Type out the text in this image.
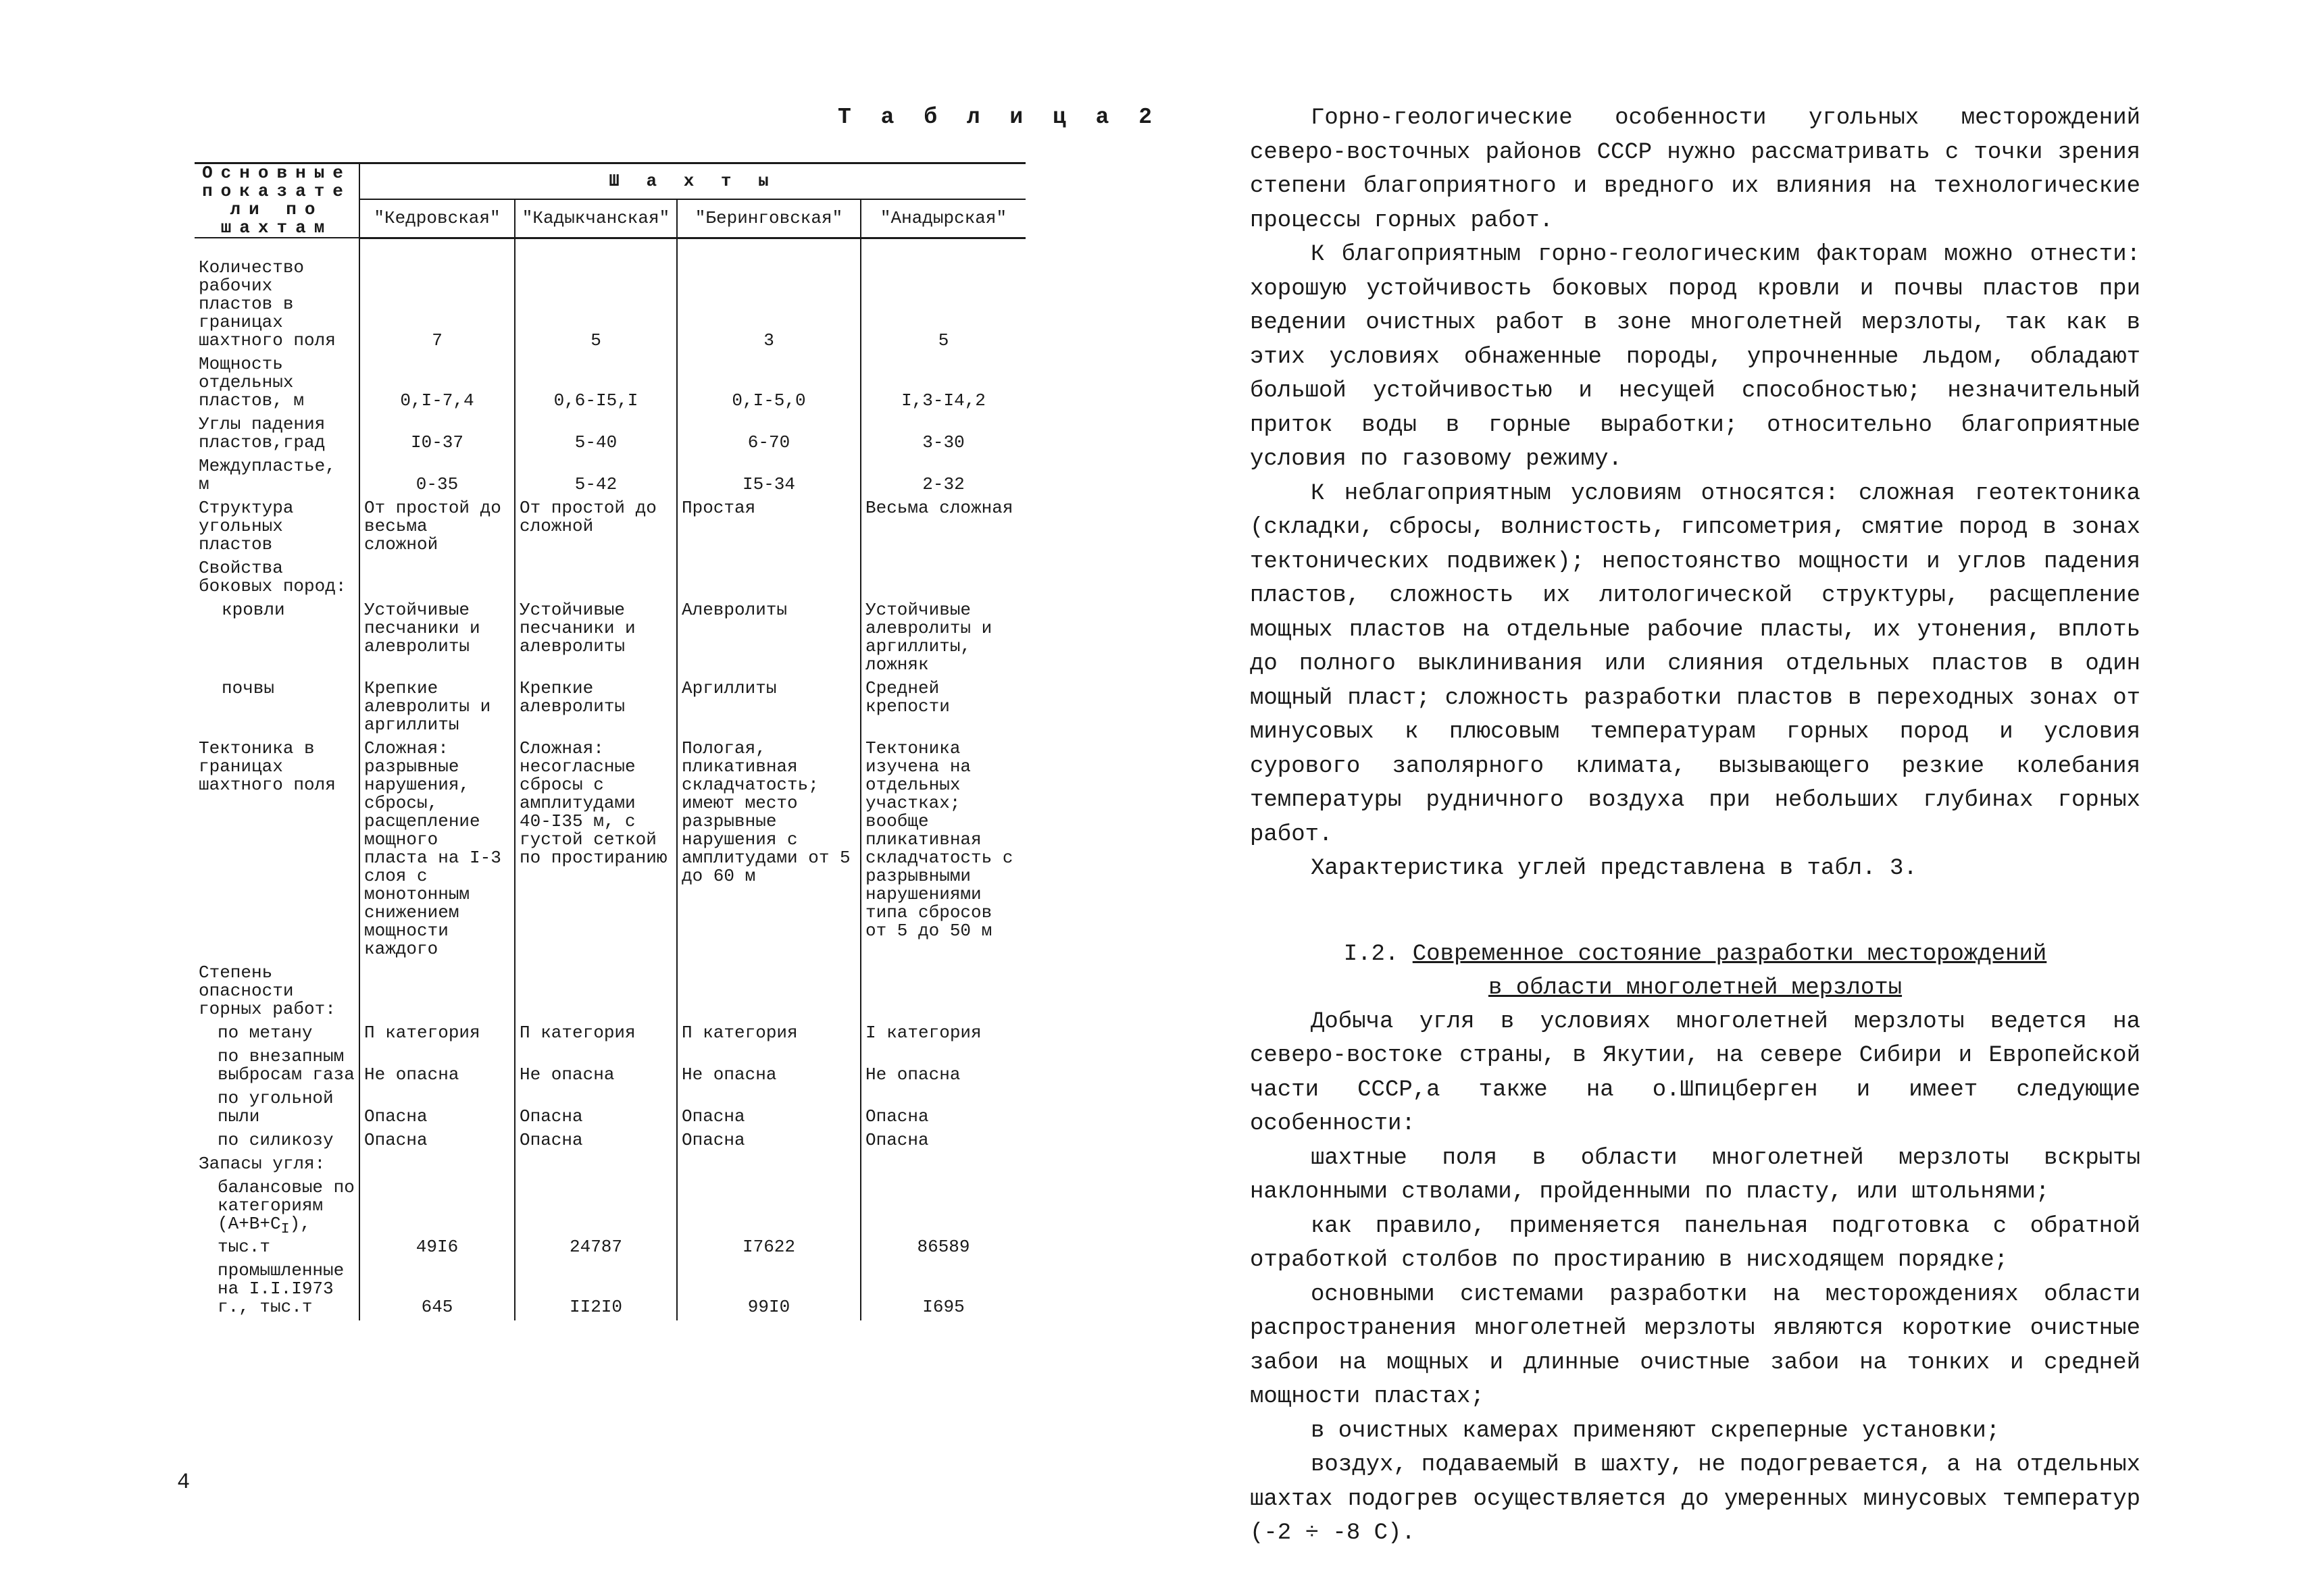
Т а б л и ц а 2
Основные показатели по шахтам	Ш а х т ы			
	"Кедровская"	"Кадыкчанская"	"Беринговская"	"Анадырская"
Количество рабочих пластов в границах шахтного поля	7	5	3	5
Мощность отдельных пластов, м	0,I-7,4	0,6-I5,I	0,I-5,0	I,3-I4,2
Углы падения пластов,град	I0-37	5-40	6-70	3-30
Междупластье, м	0-35	5-42	I5-34	2-32
Структура угольных пластов	От простой до весьма сложной	От простой до сложной	Простая	Весьма сложная
Свойства боковых пород:				
кровли	Устойчивые песчаники и алевролиты	Устойчивые песчаники и алевролиты	Алевролиты	Устойчивые алевролиты и аргиллиты, ложняк
почвы	Крепкие алевролиты и аргиллиты	Крепкие алевролиты	Аргиллиты	Средней крепости
Тектоника в границах шахтного поля	Сложная: разрывные нарушения, сбросы, расщепление мощного пласта на I-3 слоя с монотонным снижением мощности каждого	Сложная: несогласные сбросы с амплитудами 40-I35 м, с густой сеткой по простиранию	Пологая, пликативная складчатость; имеют место разрывные нарушения с амплитудами от 5 до 60 м	Тектоника изучена на отдельных участках; вообще пликативная складчатость с разрывными нарушениями типа сбросов от 5 до 50 м
Степень опасности горных работ:				
по метану	П категория	П категория	П категория	I категория
по внезапным выбросам газа	Не опасна	Не опасна	Не опасна	Не опасна
по угольной пыли	Опасна	Опасна	Опасна	Опасна
по силикозу	Опасна	Опасна	Опасна	Опасна
Запасы угля:				
балансовые по категориям $(А+В+С_I)$, тыс.т	49I6	24787	I7622	86589
промышленные на I.I.I973 г., тыс.т	645	II2I0	99I0	I695
4

Горно-геологические особенности угольных месторождений северо-восточных районов СССР нужно рассматривать с точки зрения степени благоприятного и вредного их влияния на технологические процессы горных работ.

К благоприятным горно-геологическим факторам можно отнести: хорошую устойчивость боковых пород кровли и почвы пластов при ведении очистных работ в зоне многолетней мерзлоты, так как в этих условиях обнаженные породы, упрочненные льдом, обладают большой устойчивостью и несущей способностью; незначительный приток воды в горные выработки; относительно благоприятные условия по газовому режиму.

К неблагоприятным условиям относятся: сложная геотектоника (складки, сбросы, волнистость, гипсометрия, смятие пород в зонах тектонических подвижек); непостоянство мощности и углов падения пластов, сложность их литологической структуры, расщепление мощных пластов на отдельные рабочие пласты, их утонения, вплоть до полного выклинивания или слияния отдельных пластов в один мощный пласт; сложность разработки пластов в переходных зонах от минусовых к плюсовым температурам горных пород и условия сурового заполярного климата, вызывающего резкие колебания температуры рудничного воздуха при небольших глубинах горных работ.

Характеристика углей представлена в табл. 3.

I.2. Современное состояние разработки месторождений
в области многолетней мерзлоты

Добыча угля в условиях многолетней мерзлоты ведется на северо-востоке страны, в Якутии, на севере Сибири и Европейской части СССР,а также на о.Шпицберген и имеет следующие особенности:

шахтные поля в области многолетней мерзлоты вскрыты наклонными стволами, пройденными по пласту, или штольнями;

как правило, применяется панельная подготовка с обратной отработкой столбов по простиранию в нисходящем порядке;

основными системами разработки на месторождениях области распространения многолетней мерзлоты являются короткие очистные забои на мощных и длинные очистные забои на тонких и средней мощности пластах;

в очистных камерах применяют скреперные установки;

воздух, подаваемый в шахту, не подогревается, а на отдельных шахтах подогрев осуществляется до умеренных минусовых температур (-2 ÷ -8 С).
